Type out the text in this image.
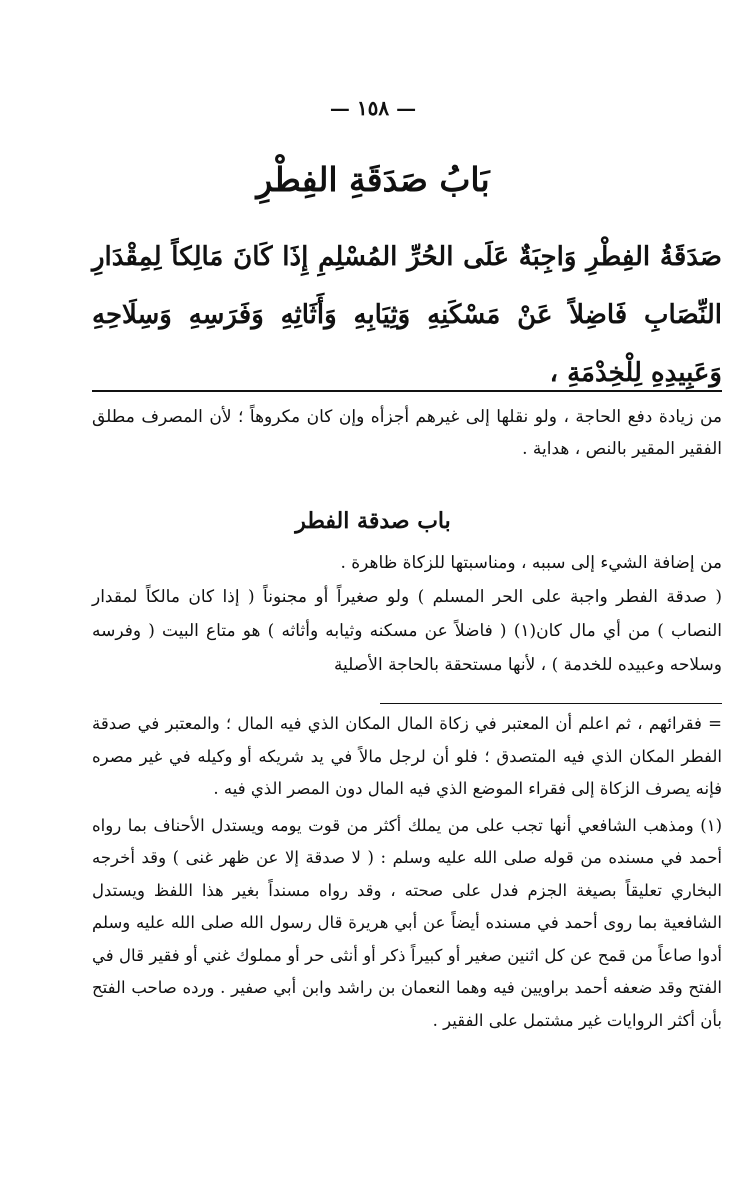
— ١٥٨ —
بَابُ صَدَقَةِ الفِطْرِ
صَدَقَةُ الفِطْرِ وَاجِبَةٌ عَلَى الحُرِّ المُسْلِمِ إِذَا كَانَ مَالِكاً لِمِقْدَارِ النِّصَابِ فَاضِلاً عَنْ مَسْكَنِهِ وَثِيَابِهِ وَأَثَاثِهِ وَفَرَسِهِ وَسِلَاحِهِ وَعَبِيدِهِ لِلْخِدْمَةِ ،
من زيادة دفع الحاجة ، ولو نقلها إلى غيرهم أجزأه وإن كان مكروهاً ؛ لأن المصرف مطلق الفقير المقير بالنص ، هداية .
باب صدقة الفطر
من إضافة الشيء إلى سببه ، ومناسبتها للزكاة ظاهرة .
( صدقة الفطر واجبة على الحر المسلم ) ولو صغيراً أو مجنوناً ( إذا كان مالكاً لمقدار النصاب ) من أي مال كان(١) ( فاضلاً عن مسكنه وثيابه وأثاثه ) هو متاع البيت ( وفرسه وسلاحه وعبيده للخدمة ) ، لأنها مستحقة بالحاجة الأصلية

= فقرائهم ، ثم اعلم أن المعتبر في زكاة المال المكان الذي فيه المال ؛ والمعتبر في صدقة الفطر المكان الذي فيه المتصدق ؛ فلو أن لرجل مالاً في يد شريكه أو وكيله في غير مصره فإنه يصرف الزكاة إلى فقراء الموضع الذي فيه المال دون المصر الذي فيه .

(١) ومذهب الشافعي أنها تجب على من يملك أكثر من قوت يومه ويستدل الأحناف بما رواه أحمد في مسنده من قوله صلى الله عليه وسلم : ( لا صدقة إلا عن ظهر غنى ) وقد أخرجه البخاري تعليقاً بصيغة الجزم فدل على صحته ، وقد رواه مسنداً بغير هذا اللفظ ويستدل الشافعية بما روى أحمد في مسنده أيضاً عن أبي هريرة قال رسول الله صلى الله عليه وسلم أدوا صاعاً من قمح عن كل اثنين صغير أو كبيراً ذكر أو أنثى حر أو مملوك غني أو فقير قال في الفتح وقد ضعفه أحمد براويين فيه وهما النعمان بن راشد وابن أبي صفير . ورده صاحب الفتح بأن أكثر الروايات غير مشتمل على الفقير .
